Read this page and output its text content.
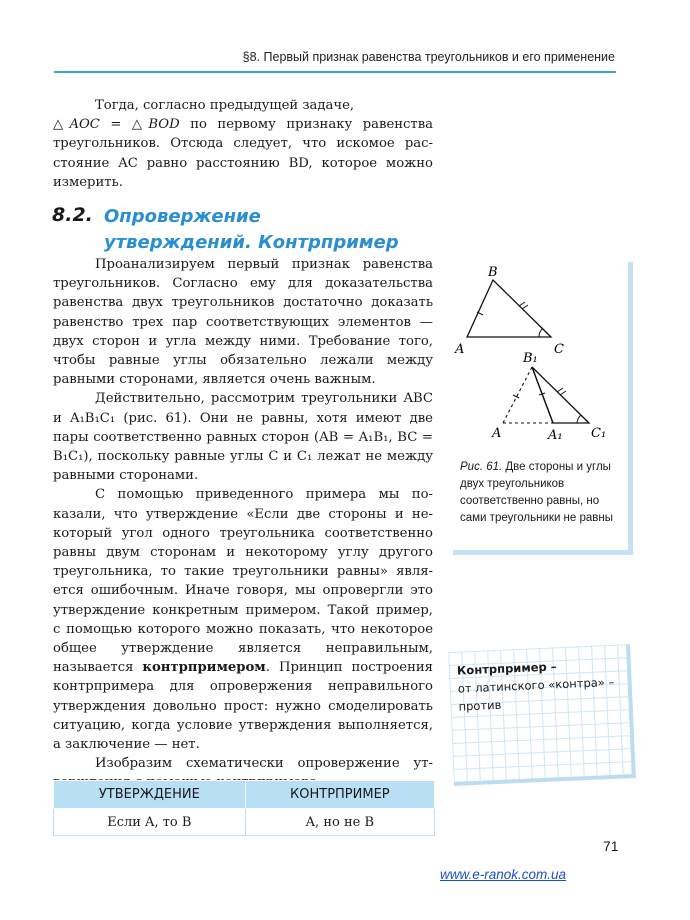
§8. Первый признак равенства треугольников и его применение

Тогда, согласно предыдущей задаче,

△AOC = △BOD по первому признаку равенства треугольников. Отсюда следует, что искомое расстояние AC равно расстоянию BD, которое можно измерить.

8.2. Опровержение утверждений. Контрпример

Проанализируем первый признак равенства треугольников. Согласно ему для доказательства равенства двух треугольников достаточно доказать равенство трех пар соответствующих элементов — двух сторон и угла между ними. Требование того, чтобы равные углы обязательно лежали между равными сторонами, является очень важным.

Действительно, рассмотрим треугольники ABC и A₁B₁C₁ (рис. 61). Они не равны, хотя имеют две пары соответственно равных сторон (AB = A₁B₁, BC = B₁C₁), поскольку равные углы C и C₁ лежат не между равными сторонами.

С помощью приведенного примера мы показали, что утверждение «Если две стороны и некоторый угол одного треугольника соответственно равны двум сторонам и некоторому углу другого треугольника, то такие треугольники равны» является ошибочным. Иначе говоря, мы опровергли это утверждение конкретным примером. Такой пример, с помощью которого можно показать, что некоторое общее утверждение является неправильным, называется контрпримером. Принцип построения контрпримера для опровержения неправильного утверждения довольно прост: нужно смоделировать ситуацию, когда условие утверждения выполняется, а заключение — нет.

Изобразим схематически опровержение ут

B
A	C
B₁
A	A₁ C₁
Рис. 61. Две стороны и углы двух треугольников соответственно равны, но сами треугольники не равны
Контрпример –
от латинского «контра» – против
УТВЕРЖДЕНИЕ	КОНТРПРИМЕР
Если A, то B	A, но не B
71
www.e-ranok.com.ua
